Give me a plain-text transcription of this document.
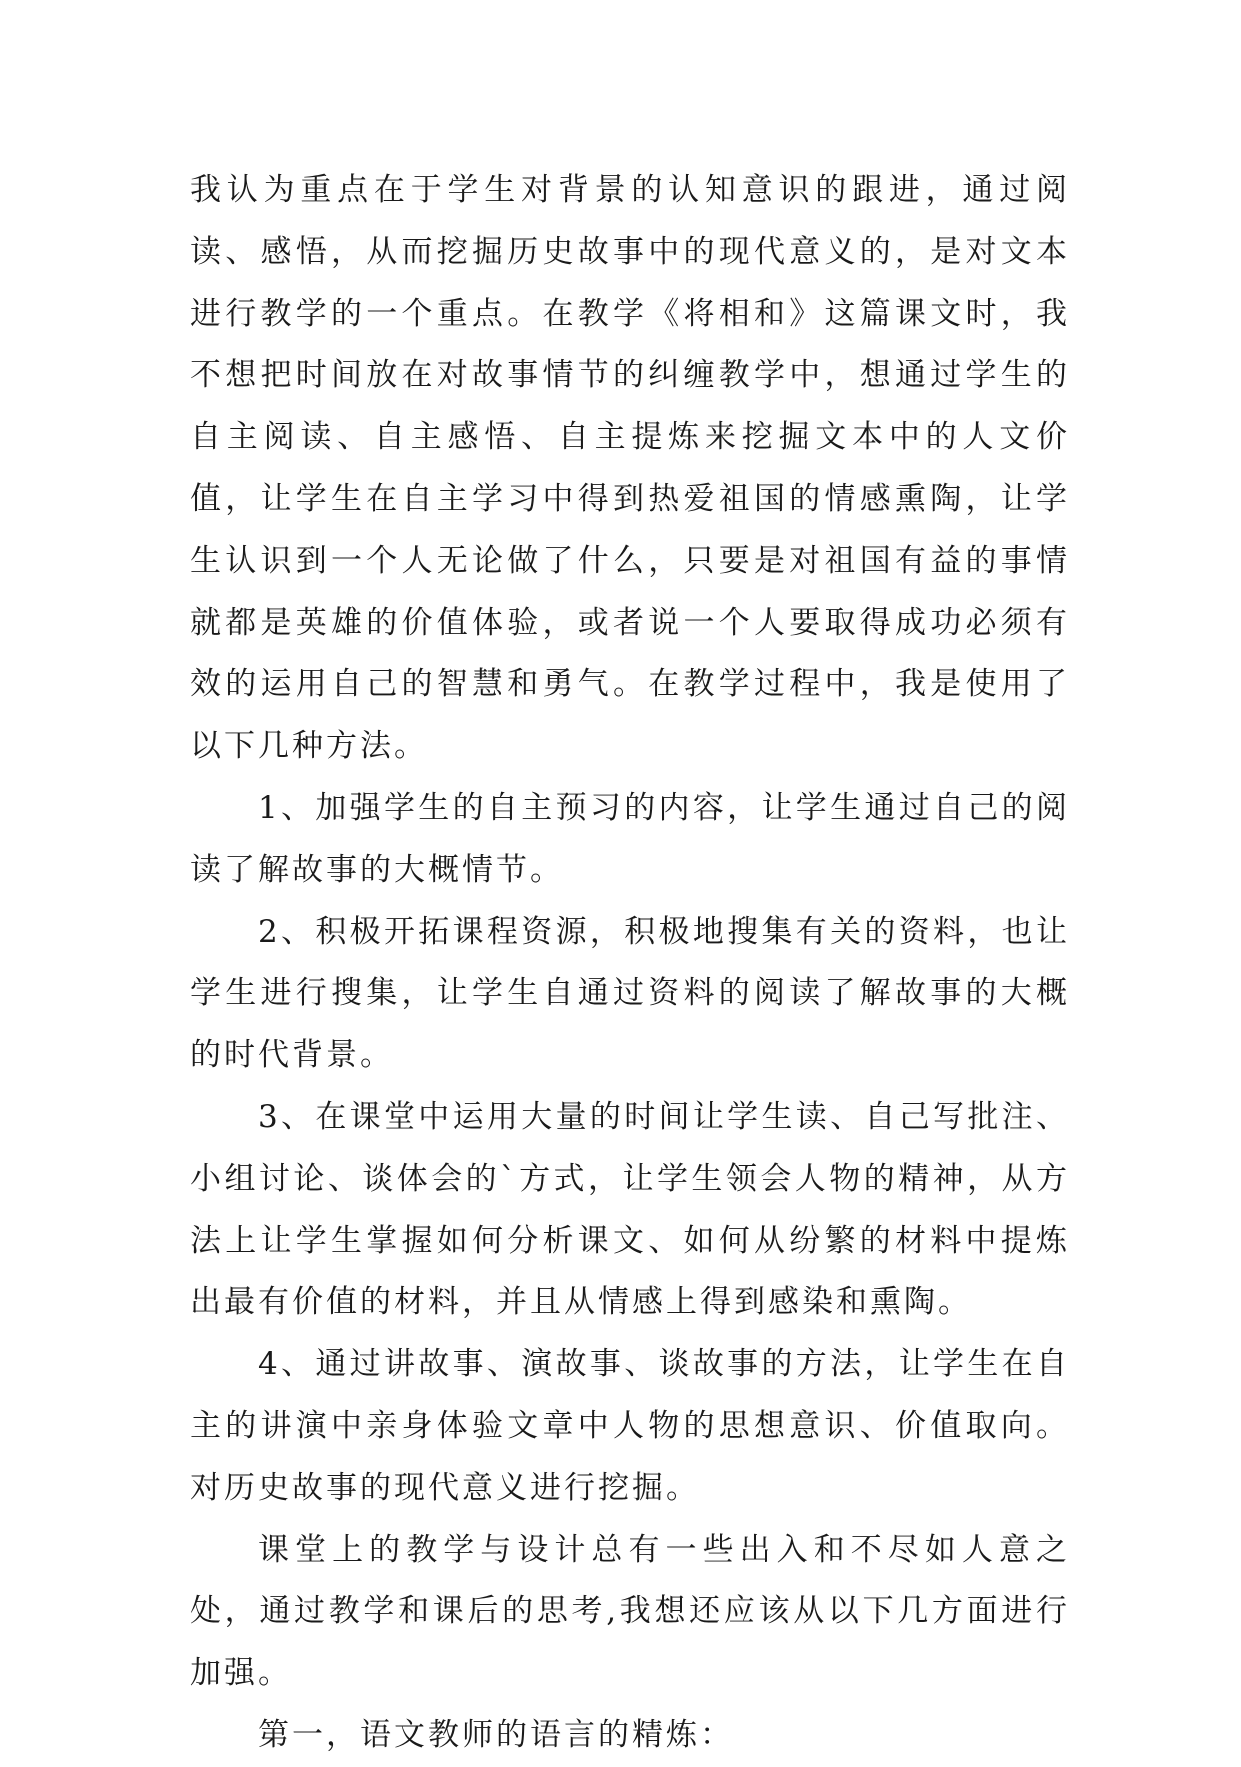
我认为重点在于学生对背景的认知意识的跟进，通过阅读、感悟，从而挖掘历史故事中的现代意义的，是对文本进行教学的一个重点。在教学《将相和》这篇课文时，我不想把时间放在对故事情节的纠缠教学中，想通过学生的自主阅读、自主感悟、自主提炼来挖掘文本中的人文价值，让学生在自主学习中得到热爱祖国的情感熏陶，让学生认识到一个人无论做了什么，只要是对祖国有益的事情就都是英雄的价值体验，或者说一个人要取得成功必须有效的运用自己的智慧和勇气。在教学过程中，我是使用了以下几种方法。

1、加强学生的自主预习的内容，让学生通过自己的阅读了解故事的大概情节。

2、积极开拓课程资源，积极地搜集有关的资料，也让学生进行搜集，让学生自通过资料的阅读了解故事的大概的时代背景。

3、在课堂中运用大量的时间让学生读、自己写批注、小组讨论、谈体会的`方式，让学生领会人物的精神，从方法上让学生掌握如何分析课文、如何从纷繁的材料中提炼出最有价值的材料，并且从情感上得到感染和熏陶。

4、通过讲故事、演故事、谈故事的方法，让学生在自主的讲演中亲身体验文章中人物的思想意识、价值取向。对历史故事的现代意义进行挖掘。

课堂上的教学与设计总有一些出入和不尽如人意之处，通过教学和课后的思考,我想还应该从以下几方面进行加强。

第一，语文教师的语言的精炼：
